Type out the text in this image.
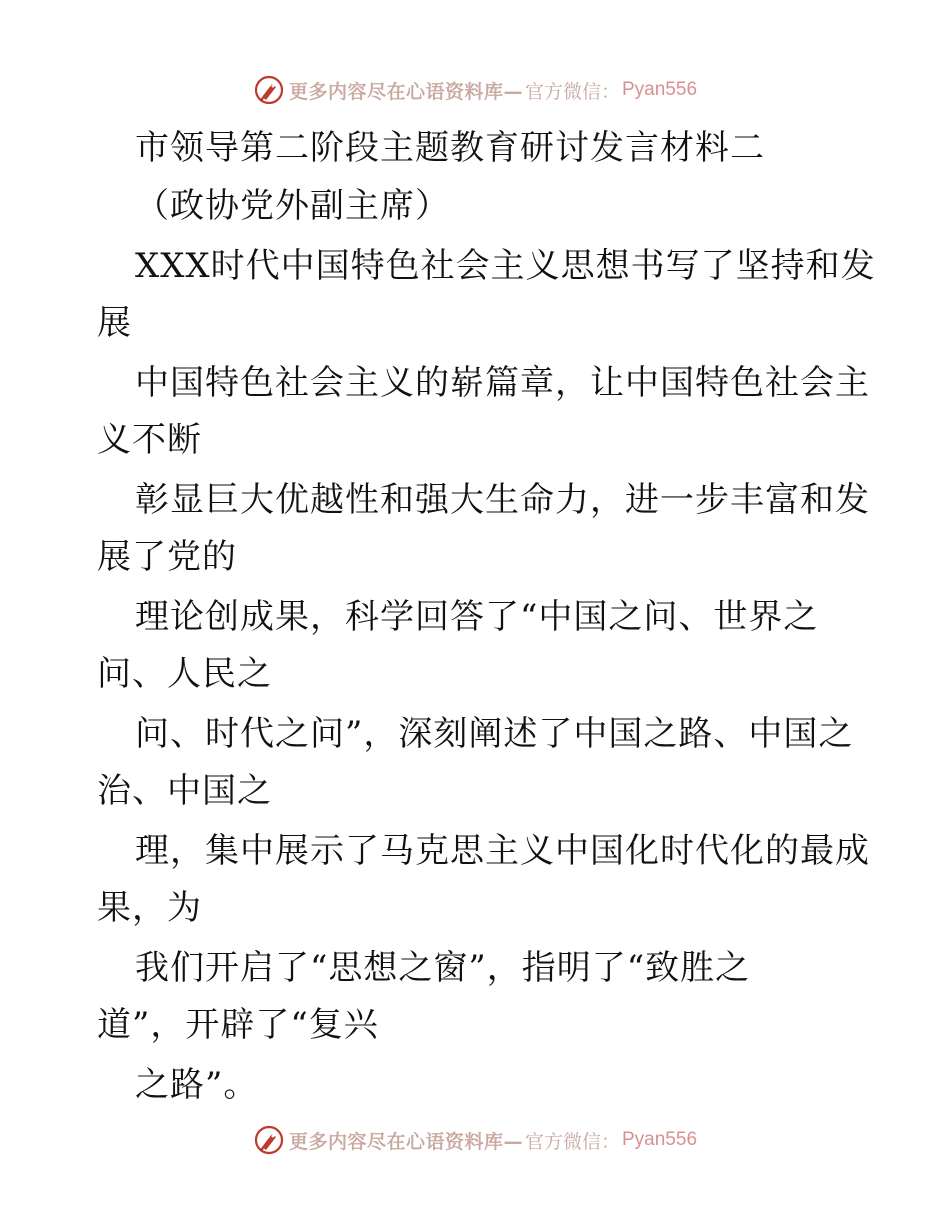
更多内容尽在心语资料库— 官方微信： Pyan556
市领导第二阶段主题教育研讨发言材料二
（政协党外副主席）
XXX时代中国特色社会主义思想书写了坚持和发
展
中国特色社会主义的崭篇章，让中国特色社会主
义不断
彰显巨大优越性和强大生命力，进一步丰富和发
展了党的
理论创成果，科学回答了“中国之问、世界之
问、人民之
问、时代之问”，深刻阐述了中国之路、中国之
治、中国之
理，集中展示了马克思主义中国化时代化的最成
果，为
我们开启了“思想之窗”，指明了“致胜之
道”，开辟了“复兴
之路”。
更多内容尽在心语资料库— 官方微信： Pyan556
